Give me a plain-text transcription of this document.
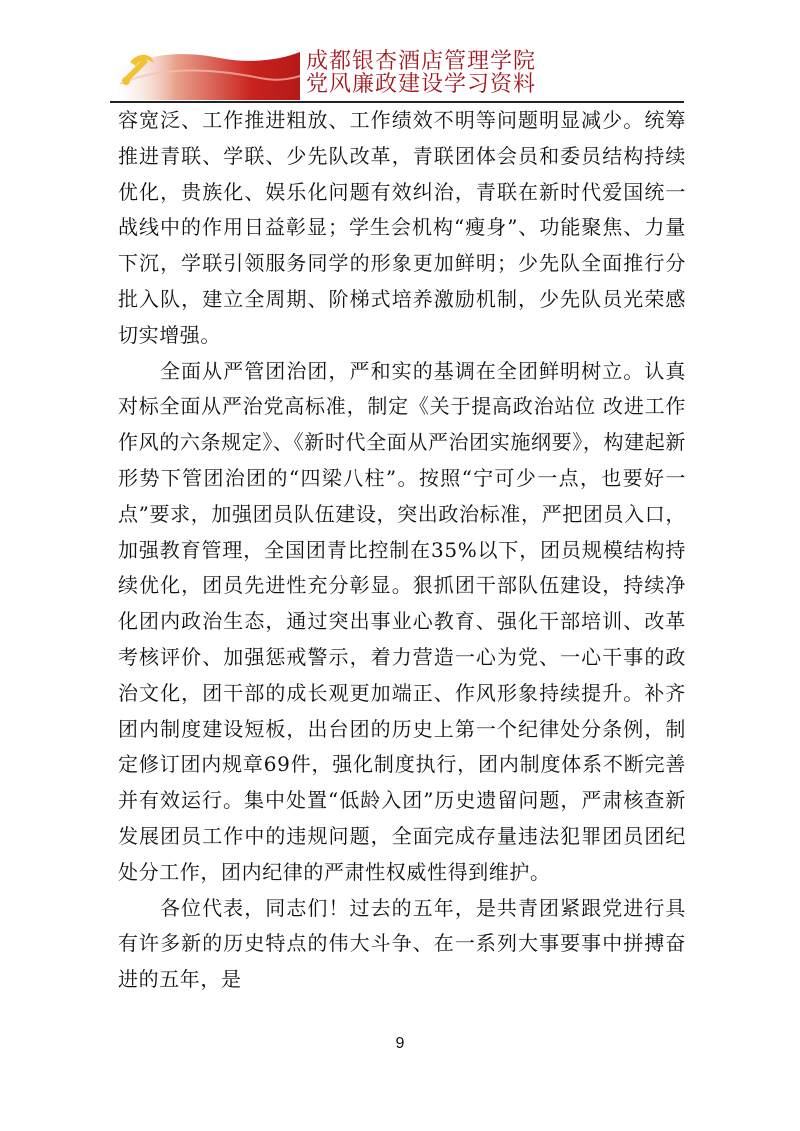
成都银杏酒店管理学院
党风廉政建设学习资料

容宽泛、工作推进粗放、工作绩效不明等问题明显减少。统筹推进青联、学联、少先队改革，青联团体会员和委员结构持续优化，贵族化、娱乐化问题有效纠治，青联在新时代爱国统一战线中的作用日益彰显；学生会机构“瘦身”、功能聚焦、力量下沉，学联引领服务同学的形象更加鲜明；少先队全面推行分批入队，建立全周期、阶梯式培养激励机制，少先队员光荣感切实增强。

全面从严管团治团，严和实的基调在全团鲜明树立。认真对标全面从严治党高标准，制定《关于提高政治站位 改进工作作风的六条规定》、《新时代全面从严治团实施纲要》，构建起新形势下管团治团的“四梁八柱”。按照“宁可少一点，也要好一点”要求，加强团员队伍建设，突出政治标准，严把团员入口，加强教育管理，全国团青比控制在35%以下，团员规模结构持续优化，团员先进性充分彰显。狠抓团干部队伍建设，持续净化团内政治生态，通过突出事业心教育、强化干部培训、改革考核评价、加强惩戒警示，着力营造一心为党、一心干事的政治文化，团干部的成长观更加端正、作风形象持续提升。补齐团内制度建设短板，出台团的历史上第一个纪律处分条例，制定修订团内规章69件，强化制度执行，团内制度体系不断完善并有效运行。集中处置“低龄入团”历史遗留问题，严肃核查新发展团员工作中的违规问题，全面完成存量违法犯罪团员团纪处分工作，团内纪律的严肃性权威性得到维护。

各位代表，同志们！过去的五年，是共青团紧跟党进行具有许多新的历史特点的伟大斗争、在一系列大事要事中拼搏奋进的五年，是

9
